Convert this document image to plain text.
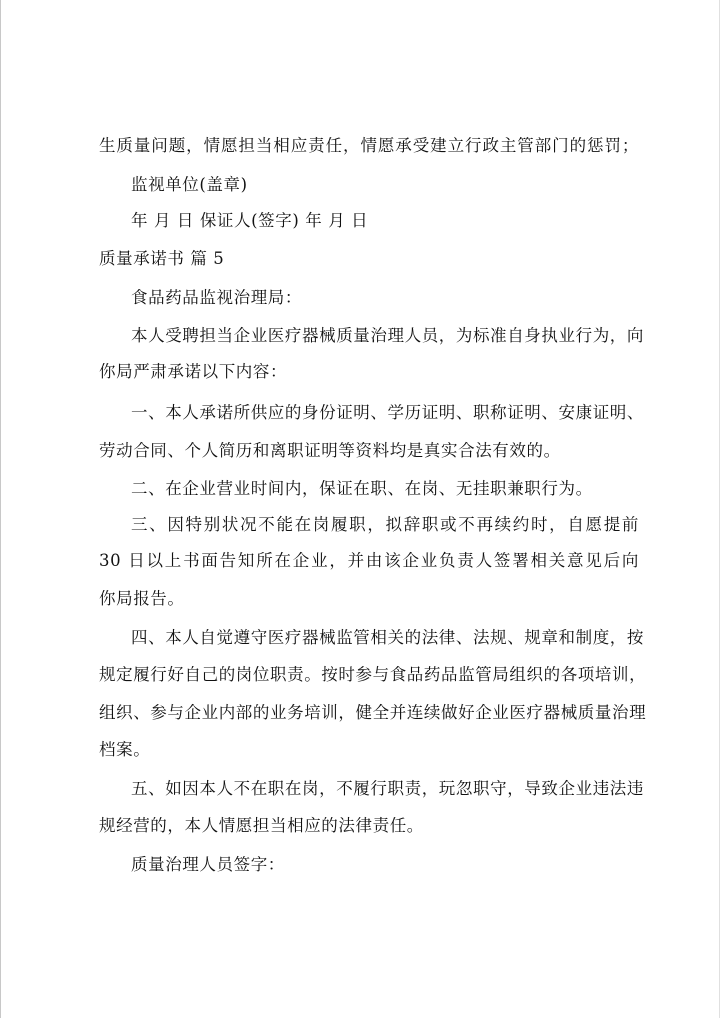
生质量问题，情愿担当相应责任，情愿承受建立行政主管部门的惩罚；
监视单位(盖章)
年 月 日 保证人(签字) 年 月 日
质量承诺书 篇 5
食品药品监视治理局：
本人受聘担当企业医疗器械质量治理人员，为标准自身执业行为，向
你局严肃承诺以下内容：
一、本人承诺所供应的身份证明、学历证明、职称证明、安康证明、
劳动合同、个人简历和离职证明等资料均是真实合法有效的。
二、在企业营业时间内，保证在职、在岗、无挂职兼职行为。
三、因特别状况不能在岗履职，拟辞职或不再续约时，自愿提前
30 日以上书面告知所在企业，并由该企业负责人签署相关意见后向
你局报告。
四、本人自觉遵守医疗器械监管相关的法律、法规、规章和制度，按
规定履行好自己的岗位职责。按时参与食品药品监管局组织的各项培训，
组织、参与企业内部的业务培训，健全并连续做好企业医疗器械质量治理
档案。
五、如因本人不在职在岗，不履行职责，玩忽职守，导致企业违法违
规经营的，本人情愿担当相应的法律责任。
质量治理人员签字：
